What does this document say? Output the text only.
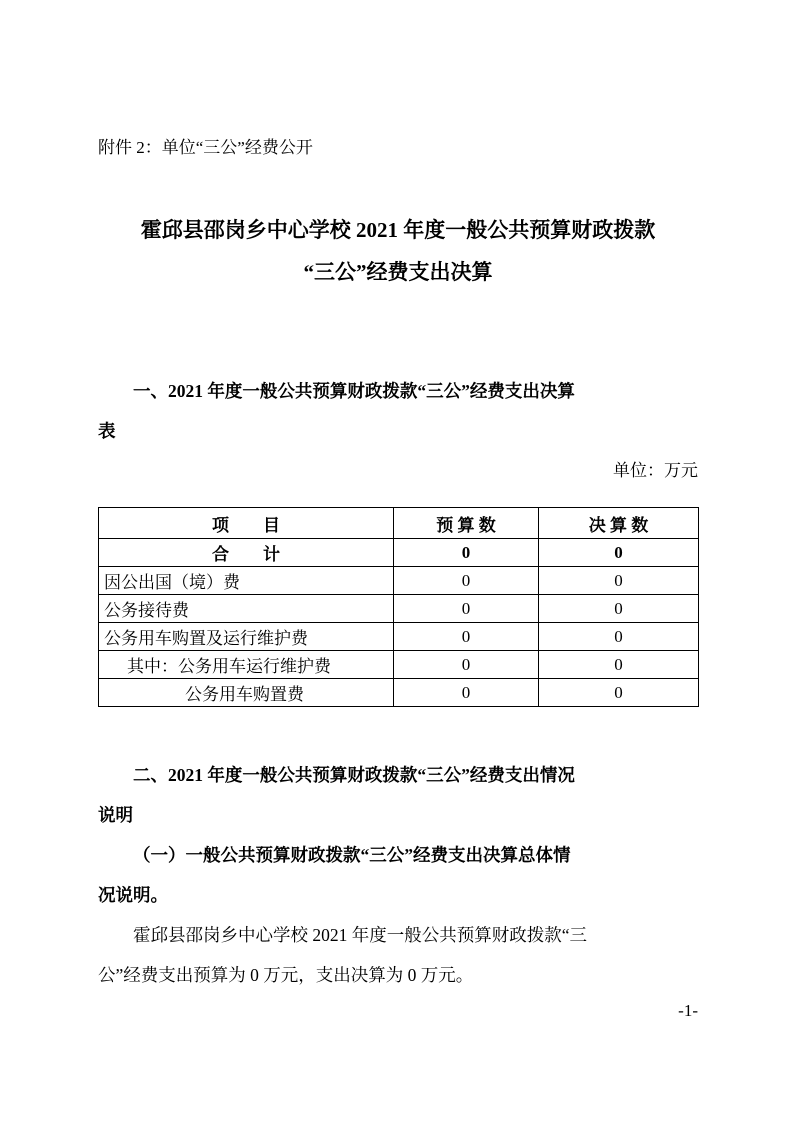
附件 2：单位“三公”经费公开
霍邱县邵岗乡中心学校 2021 年度一般公共预算财政拨款
“三公”经费支出决算
一、2021 年度一般公共预算财政拨款“三公”经费支出决算
表
单位：万元
项　　目	预 算 数	决 算 数
合　　计	0	0
因公出国（境）费	0	0
公务接待费	0	0
公务用车购置及运行维护费	0	0
其中：公务用车运行维护费	0	0
公务用车购置费	0	0
二、2021 年度一般公共预算财政拨款“三公”经费支出情况
说明
（一）一般公共预算财政拨款“三公”经费支出决算总体情
况说明。
霍邱县邵岗乡中心学校 2021 年度一般公共预算财政拨款“三
公”经费支出预算为 0 万元，支出决算为 0 万元。
-1-
